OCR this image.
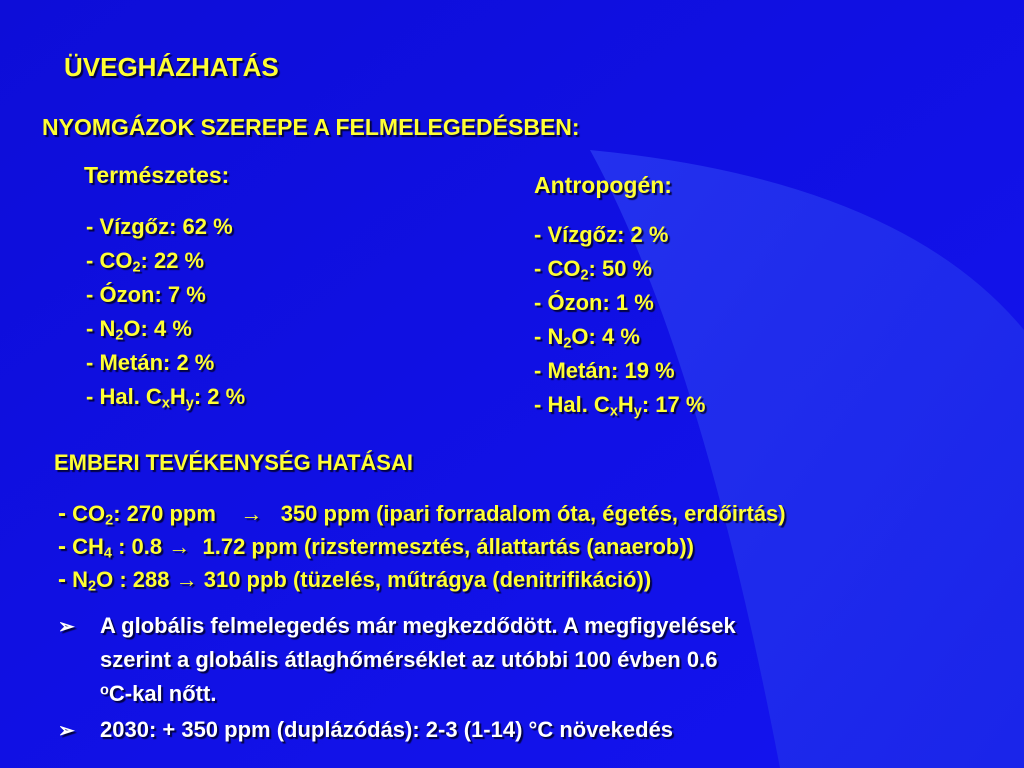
ÜVEGHÁZHATÁS
NYOMGÁZOK SZEREPE A FELMELEGEDÉSBEN:
Természetes:
- Vízgőz: 62 %
- $CO_2$: 22 %
- Ózon: 7 %
- $N_2O$: 4 %
- Metán: 2 %
- Hal. $C_xH_y$: 2 %
Antropogén:
- Vízgőz: 2 %
- $CO_2$: 50 %
- Ózon: 1 %
- $N_2O$: 4 %
- Metán: 19 %
- Hal. $C_xH_y$: 17 %
EMBERI TEVÉKENYSÉG HATÁSAI
- $CO_2$: 270 ppm → 350 ppm (ipari forradalom óta, égetés, erdőirtás)
- $CH_4$ : 0.8 → 1.72 ppm (rizstermesztés, állattartás (anaerob))
- $N_2O$ : 288 → 310 ppb (tüzelés, műtrágya (denitrifikáció))
➢ A globális felmelegedés már megkezdődött. A megfigyelések
szerint a globális átlaghőmérséklet az utóbbi 100 évben 0.6
$^o$C-kal nőtt.
➢ 2030: + 350 ppm (duplázódás): 2-3 (1-14) °C növekedés
